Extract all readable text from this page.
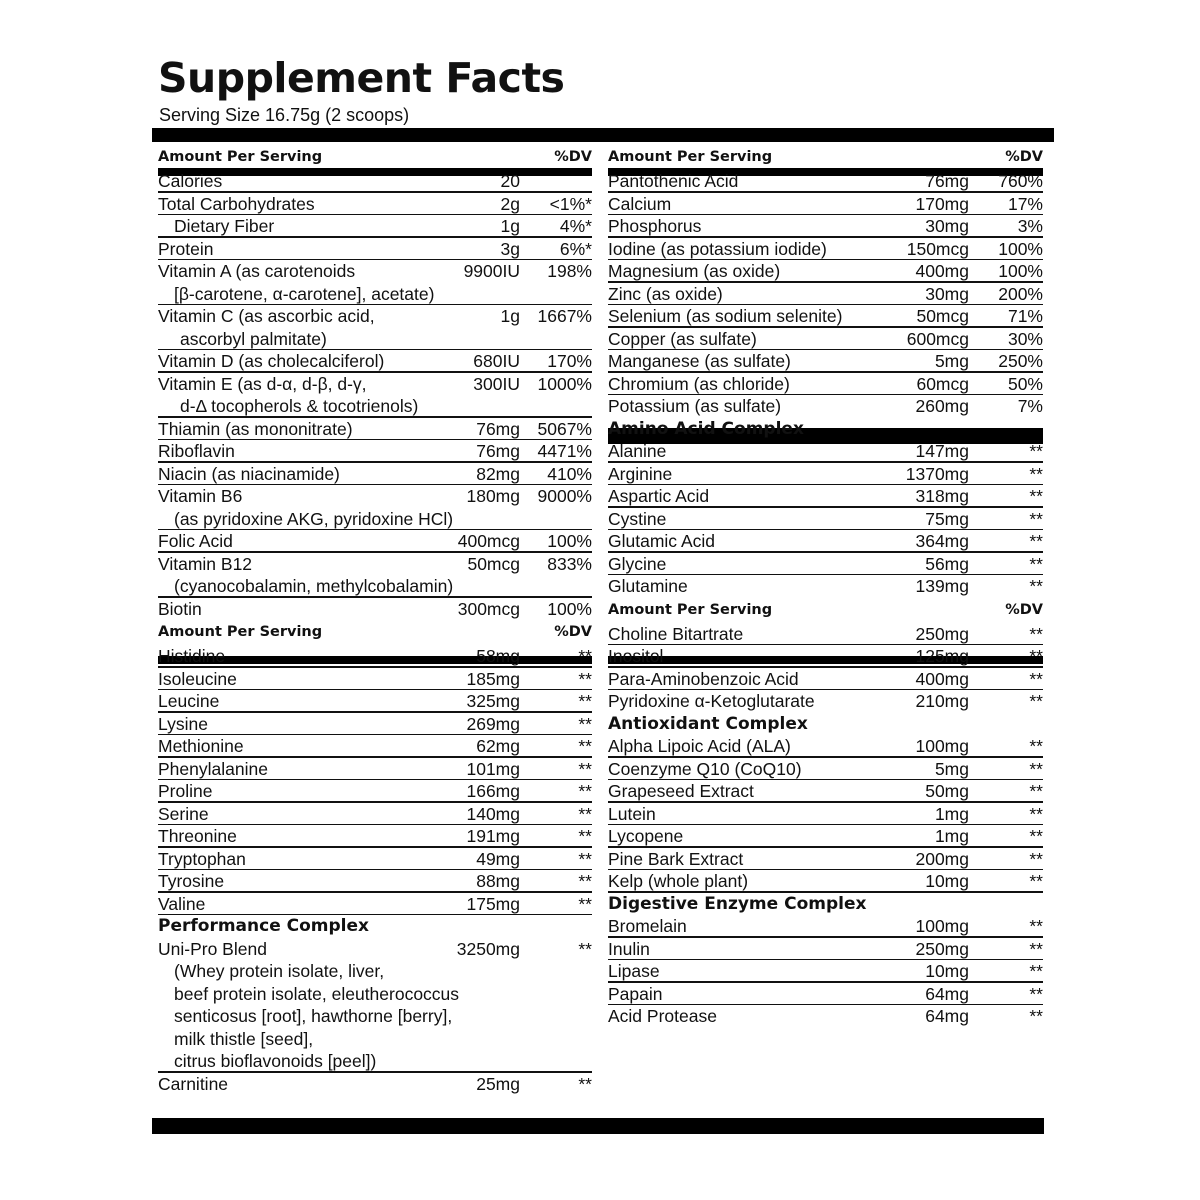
Supplement Facts
Serving Size 16.75g (2 scoops)
Amount Per Serving	%DV
Calories	20
Total Carbohydrates	2g <1%*
Dietary Fiber	1g 4%*
Protein	3g 6%*
Vitamin A (as carotenoids	9900IU 198%
[β-carotene, α-carotene], acetate)
Vitamin C (as ascorbic acid,	1g 1667%
ascorbyl palmitate)
Vitamin D (as cholecalciferol)	680IU 170%
Vitamin E (as d-α, d-β, d-γ,	300IU 1000%
d-Δ tocopherols & tocotrienols)
Thiamin (as mononitrate)	76mg 5067%
Riboflavin	76mg 4471%
Niacin (as niacinamide)	82mg 410%
Vitamin B6	180mg 9000%
(as pyridoxine AKG, pyridoxine HCl)
Folic Acid	400mcg 100%
Vitamin B12	50mcg 833%
(cyanocobalamin, methylcobalamin)
Biotin	300mcg 100%
Amount Per Serving	%DV
Histidine	58mg	**
Isoleucine	185mg	**
Leucine	325mg	**
Lysine	269mg	**
Methionine	62mg	**
Phenylalanine	101mg	**
Proline	166mg	**
Serine	140mg	**
Threonine	191mg	**
Tryptophan	49mg	**
Tyrosine	88mg	**
Valine	175mg	**
Performance Complex
Uni-Pro Blend	3250mg	**
(Whey protein isolate, liver,
beef protein isolate, eleutherococcus
senticosus [root], hawthorne [berry],
milk thistle [seed],
citrus bioflavonoids [peel])
Carnitine	25mg	**
Amount Per Serving	%DV
Pantothenic Acid	76mg 760%
Calcium	170mg 17%
Phosphorus	30mg	3%
Iodine (as potassium iodide)	150mcg 100%
Magnesium (as oxide)	400mg 100%
Zinc (as oxide)	30mg 200%
Selenium (as sodium selenite)	50mcg 71%
Copper (as sulfate)	600mcg 30%
Manganese (as sulfate)	5mg 250%
Chromium (as chloride)	60mcg 50%
Potassium (as sulfate)	260mg	7%
Amino Acid Complex
Alanine	147mg	**
Arginine	1370mg	**
Aspartic Acid	318mg	**
Cystine	75mg	**
Glutamic Acid	364mg	**
Glycine	56mg	**
Glutamine	139mg	**
Amount Per Serving	%DV
Choline Bitartrate	250mg	**
Inositol	125mg	**
Para-Aminobenzoic Acid	400mg	**
Pyridoxine α-Ketoglutarate	210mg	**
Antioxidant Complex
Alpha Lipoic Acid (ALA)	100mg	**
Coenzyme Q10 (CoQ10)	5mg	**
Grapeseed Extract	50mg	**
Lutein	1mg	**
Lycopene	1mg	**
Pine Bark Extract	200mg	**
Kelp (whole plant)	10mg	**
Digestive Enzyme Complex
Bromelain	100mg	**
Inulin	250mg	**
Lipase	10mg	**
Papain	64mg	**
Acid Protease	64mg	**
